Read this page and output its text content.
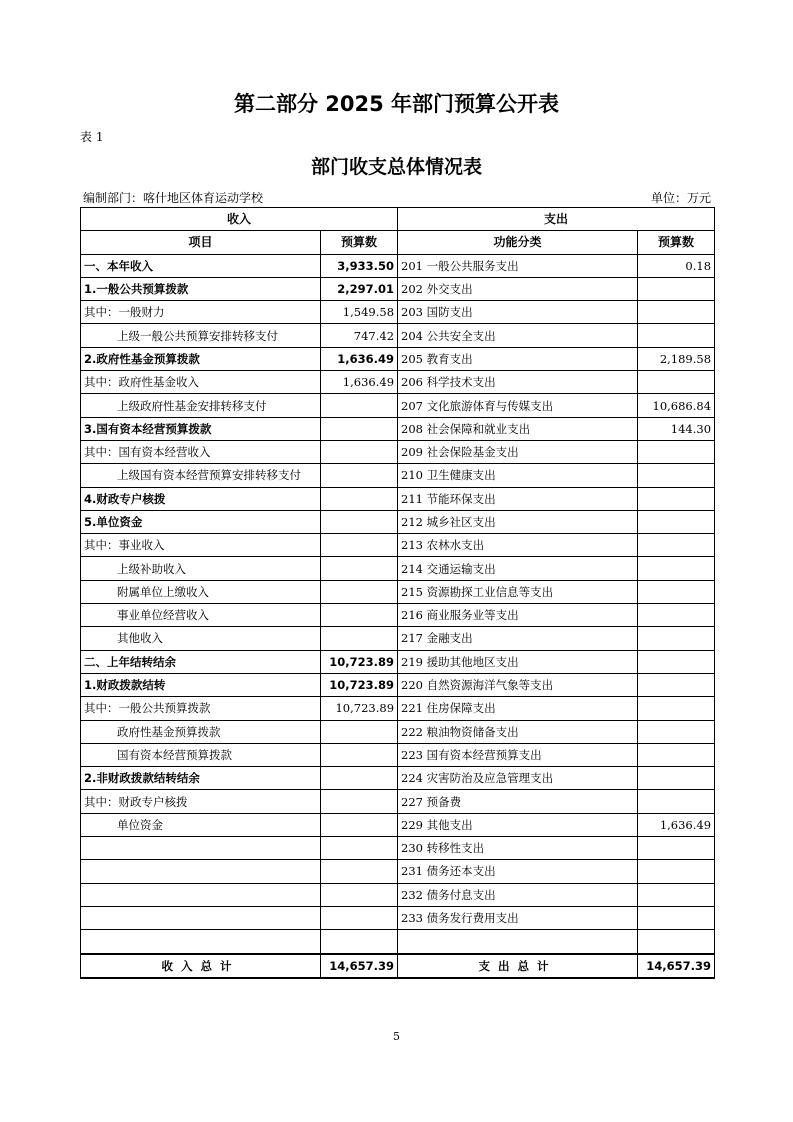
第二部分 2025 年部门预算公开表
表 1
部门收支总体情况表
编制部门：喀什地区体育运动学校	单位：万元
收入		支出	
项目	预算数	功能分类	预算数
一、本年收入	3,933.50	201 一般公共服务支出	0.18
1.一般公共预算拨款	2,297.01	202 外交支出	
其中：一般财力	1,549.58	203 国防支出	
上级一般公共预算安排转移支付	747.42	204 公共安全支出	
2.政府性基金预算拨款	1,636.49	205 教育支出	2,189.58
其中：政府性基金收入	1,636.49	206 科学技术支出	
上级政府性基金安排转移支付		207 文化旅游体育与传媒支出	10,686.84
3.国有资本经营预算拨款		208 社会保障和就业支出	144.30
其中：国有资本经营收入		209 社会保险基金支出	
上级国有资本经营预算安排转移支付		210 卫生健康支出	
4.财政专户核拨		211 节能环保支出	
5.单位资金		212 城乡社区支出	
其中：事业收入		213 农林水支出	
上级补助收入		214 交通运输支出	
附属单位上缴收入		215 资源勘探工业信息等支出	
事业单位经营收入		216 商业服务业等支出	
其他收入		217 金融支出	
二、上年结转结余	10,723.89	219 援助其他地区支出	
1.财政拨款结转	10,723.89	220 自然资源海洋气象等支出	
其中：一般公共预算拨款	10,723.89	221 住房保障支出	
政府性基金预算拨款		222 粮油物资储备支出	
国有资本经营预算拨款		223 国有资本经营预算支出	
2.非财政拨款结转结余		224 灾害防治及应急管理支出	
其中：财政专户核拨		227 预备费	
单位资金		229 其他支出	1,636.49
		230 转移性支出	
		231 债务还本支出	
		232 债务付息支出	
		233 债务发行费用支出	

收入总计	14,657.39	支出总计	14,657.39
5
